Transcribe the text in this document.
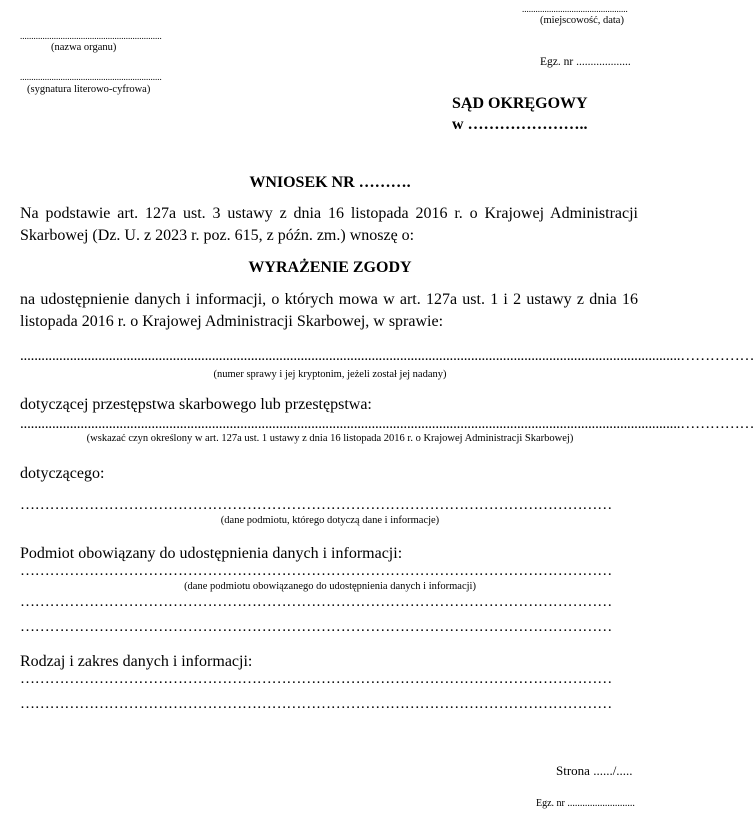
...............................................
(miejscowość, data)
...............................................................
(nazwa organu)
Egz. nr ...................
...............................................................
(sygnatura literowo-cyfrowa)
SĄD OKRĘGOWY
w …………………..
WNIOSEK NR ……….
Na podstawie art. 127a ust. 3 ustawy z dnia 16 listopada 2016 r. o Krajowej Administracji Skarbowej (Dz. U. z 2023 r. poz. 615, z późn. zm.) wnoszę o:
WYRAŻENIE ZGODY
na udostępnienie danych i informacji, o których mowa w art. 127a ust. 1 i 2 ustawy z dnia 16 listopada 2016 r. o Krajowej Administracji Skarbowej, w sprawie:
..........................................................................................................................................................................................……………
(numer sprawy i jej kryptonim, jeżeli został jej nadany)
dotyczącej przestępstwa skarbowego lub przestępstwa:
..........................................................................................................................................................................................……………
(wskazać czyn określony w art. 127a ust. 1 ustawy z dnia 16 listopada 2016 r. o Krajowej Administracji Skarbowej)
dotyczącego:
…………………………………………………………………………………………………………
(dane podmiotu, którego dotyczą dane i informacje)
Podmiot obowiązany do udostępnienia danych i informacji:
…………………………………………………………………………………………………………
(dane podmiotu obowiązanego do udostępnienia danych i informacji)
…………………………………………………………………………………………………………
…………………………………………………………………………………………………………
Rodzaj i zakres danych i informacji:
…………………………………………………………………………………………………………
…………………………………………………………………………………………………………
Strona ....../.....
Egz. nr ...........................
